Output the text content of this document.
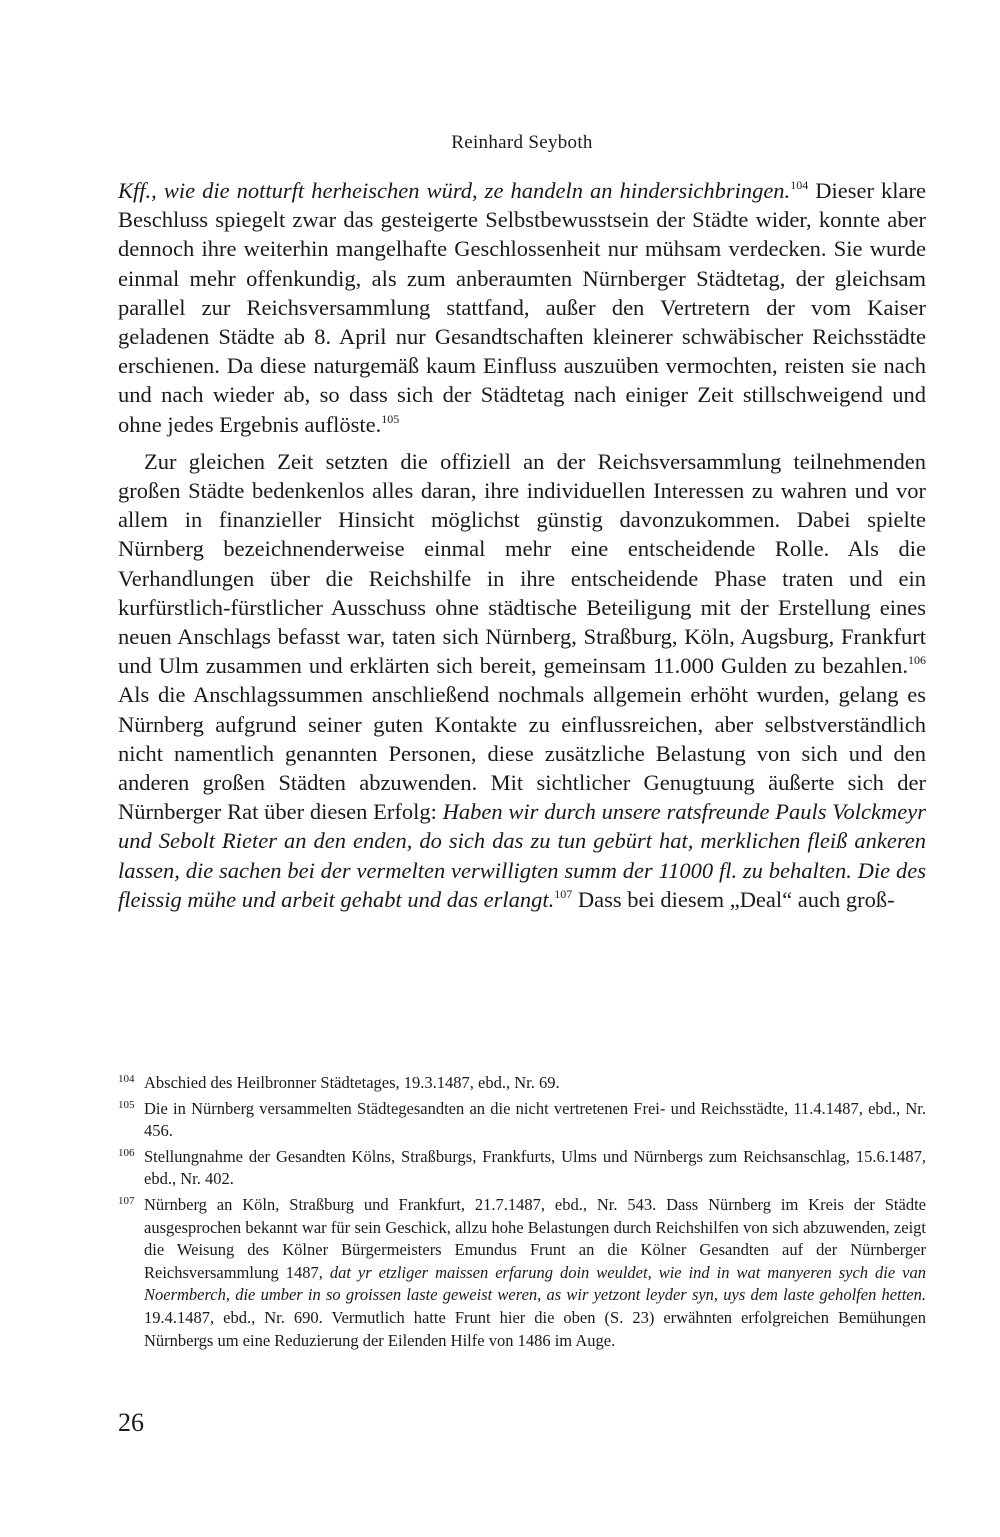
Reinhard Seyboth

Kff., wie die notturft herheischen würd, ze handeln an hindersichbringen.$^{104}$ Dieser klare Beschluss spiegelt zwar das gesteigerte Selbstbewusstsein der Städte wider, konnte aber dennoch ihre weiterhin mangelhafte Geschlossenheit nur mühsam verdecken. Sie wurde einmal mehr offenkundig, als zum anberaumten Nürnberger Städtetag, der gleichsam parallel zur Reichsversammlung stattfand, außer den Vertretern der vom Kaiser geladenen Städte ab 8. April nur Gesandtschaften kleinerer schwäbischer Reichsstädte erschienen. Da diese naturgemäß kaum Einfluss auszuüben vermochten, reisten sie nach und nach wieder ab, so dass sich der Städtetag nach einiger Zeit stillschweigend und ohne jedes Ergebnis auflöste.$^{105}$

Zur gleichen Zeit setzten die offiziell an der Reichsversammlung teilnehmenden großen Städte bedenkenlos alles daran, ihre individuellen Interessen zu wahren und vor allem in finanzieller Hinsicht möglichst günstig davonzukommen. Dabei spielte Nürnberg bezeichnenderweise einmal mehr eine entscheidende Rolle. Als die Verhandlungen über die Reichshilfe in ihre entscheidende Phase traten und ein kurfürstlich-fürstlicher Ausschuss ohne städtische Beteiligung mit der Erstellung eines neuen Anschlags befasst war, taten sich Nürnberg, Straßburg, Köln, Augsburg, Frankfurt und Ulm zusammen und erklärten sich bereit, gemeinsam 11.000 Gulden zu bezahlen.$^{106}$ Als die Anschlagssummen anschließend nochmals allgemein erhöht wurden, gelang es Nürnberg aufgrund seiner guten Kontakte zu einflussreichen, aber selbstverständlich nicht namentlich genannten Personen, diese zusätzliche Belastung von sich und den anderen großen Städten abzuwenden. Mit sichtlicher Genugtuung äußerte sich der Nürnberger Rat über diesen Erfolg: Haben wir durch unsere ratsfreunde Pauls Volckmeyr und Sebolt Rieter an den enden, do sich das zu tun gebürt hat, merklichen fleiß ankeren lassen, die sachen bei der vermelten verwilligten summ der 11000 fl. zu behalten. Die des fleissig mühe und arbeit gehabt und das erlangt.$^{107}$ Dass bei diesem „Deal“ auch groß-

104 Abschied des Heilbronner Städtetages, 19.3.1487, ebd., Nr. 69.
105 Die in Nürnberg versammelten Städtegesandten an die nicht vertretenen Frei- und Reichsstädte, 11.4.1487, ebd., Nr. 456.
106 Stellungnahme der Gesandten Kölns, Straßburgs, Frankfurts, Ulms und Nürnbergs zum Reichsanschlag, 15.6.1487, ebd., Nr. 402.
107 Nürnberg an Köln, Straßburg und Frankfurt, 21.7.1487, ebd., Nr. 543. Dass Nürnberg im Kreis der Städte ausgesprochen bekannt war für sein Geschick, allzu hohe Belastungen durch Reichshilfen von sich abzuwenden, zeigt die Weisung des Kölner Bürgermeisters Emundus Frunt an die Kölner Gesandten auf der Nürnberger Reichsversammlung 1487, dat yr etzliger maissen erfarung doin weuldet, wie ind in wat manyeren sych die van Noermberch, die umber in so groissen laste geweist weren, as wir yetzont leyder syn, uys dem laste geholfen hetten. 19.4.1487, ebd., Nr. 690. Vermutlich hatte Frunt hier die oben (S. 23) erwähnten erfolgreichen Bemühungen Nürnbergs um eine Reduzierung der Eilenden Hilfe von 1486 im Auge.
26
